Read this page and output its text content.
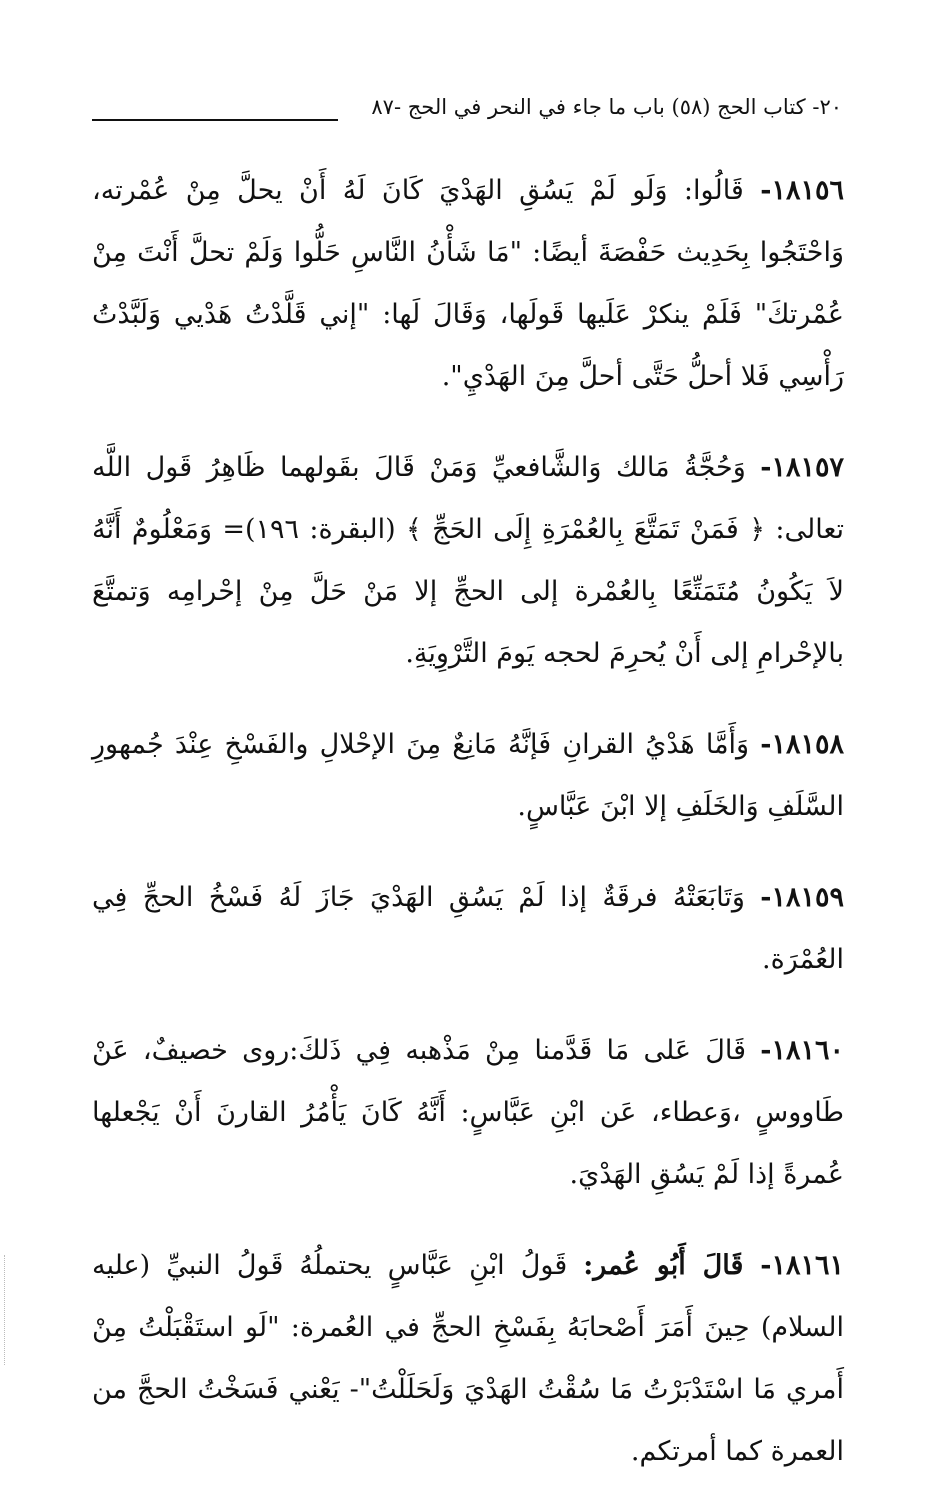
٢٠- كتاب الحج (٥٨) باب ما جاء في النحر في الحج -٨٧

١٨١٥٦- قَالُوا: وَلَو لَمْ يَسُقِ الهَدْيَ كَانَ لَهُ أَنْ يحلَّ مِنْ عُمْرته، وَاحْتَجُوا بِحَدِيث حَفْصَةَ أيضًا: "مَا شَأْنُ النَّاسِ حَلُّوا وَلَمْ تحلَّ أَنْتَ مِنْ عُمْرتكَ" فَلَمْ ينكرْ عَلَيها قَولَها، وَقَالَ لَها: "إني قَلَّدْتُ هَدْيي وَلَبَّدْتُ رَأْسِي فَلا أحلُّ حَتَّى أحلَّ مِنَ الهَدْيِ".

١٨١٥٧- وَحُجَّةُ مَالك وَالشَّافعيِّ وَمَنْ قَالَ بقَولهما ظَاهِرُ قَول اللَّه تعالى: ﴿ فَمَنْ تَمَتَّعَ بِالعُمْرَةِ إِلَى الحَجِّ ﴾ (البقرة: ١٩٦)= وَمَعْلُومٌ أَنَّهُ لاَ يَكُونُ مُتَمَتِّعًا بِالعُمْرة إلى الحجِّ إلا مَنْ حَلَّ مِنْ إحْرامِه وَتمتَّعَ بالإحْرامِ إلى أَنْ يُحرِمَ لحجه يَومَ التَّرْوِيَةِ.

١٨١٥٨- وَأَمَّا هَدْيُ القرانِ فَإنَّهُ مَانِعٌ مِنَ الإحْلالِ والفَسْخِ عِنْدَ جُمهورِ السَّلَفِ وَالخَلَفِ إلا ابْنَ عَبَّاسٍ.

١٨١٥٩- وَتَابَعَتْهُ فرقَةٌ إذا لَمْ يَسُقِ الهَدْيَ جَازَ لَهُ فَسْخُ الحجِّ فِي العُمْرَة.

١٨١٦٠- قَالَ عَلى مَا قَدَّمنا مِنْ مَذْهبه فِي ذَلكَ:روى خصيفٌ، عَنْ طَاووسٍ ،وَعطاء، عَن ابْنِ عَبَّاسٍ: أَنَّهُ كَانَ يَأْمُرُ القارنَ أَنْ يَجْعلها عُمرةً إذا لَمْ يَسُقِ الهَدْيَ.

١٨١٦١- قَالَ أَبُو عُمر: قَولُ ابْنِ عَبَّاسٍ يحتملُهُ قَولُ النبيِّ (عليه السلام) حِينَ أَمَرَ أَصْحابَهُ بِفَسْخِ الحجِّ في العُمرة: "لَو استَقْبَلْتُ مِنْ أَمري مَا اسْتَدْبَرْتُ مَا سُقْتُ الهَدْيَ وَلَحَلَلْتُ"- يَعْني فَسَخْتُ الحجَّ من العمرة كما أمرتكم.
